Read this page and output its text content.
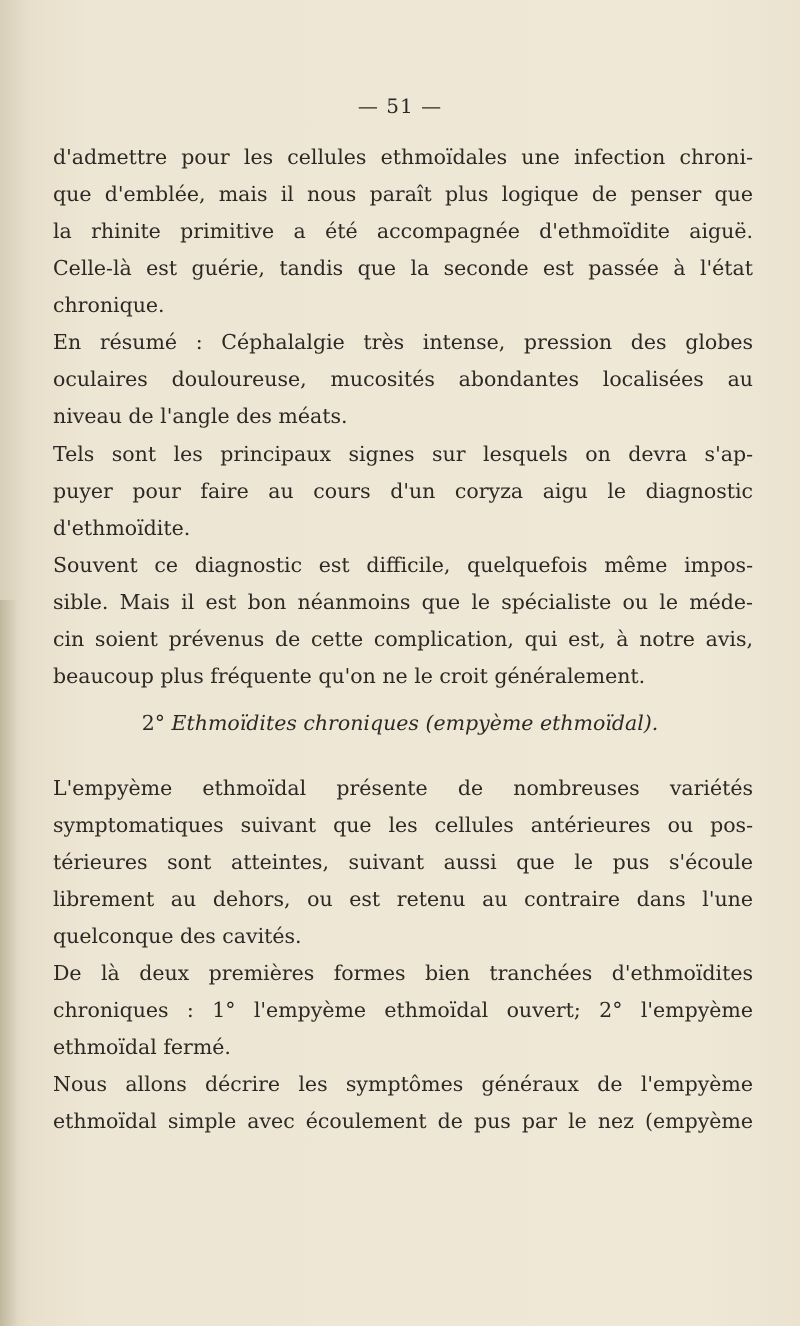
— 51 —
d'admettre pour les cellules ethmoïdales une infection chroni-
que d'emblée, mais il nous paraît plus logique de penser que
la rhinite primitive a été accompagnée d'ethmoïdite aiguë.
Celle-là est guérie, tandis que la seconde est passée à l'état
chronique.
En résumé : Céphalalgie très intense, pression des globes
oculaires douloureuse, mucosités abondantes localisées au
niveau de l'angle des méats.
Tels sont les principaux signes sur lesquels on devra s'ap-
puyer pour faire au cours d'un coryza aigu le diagnostic
d'ethmoïdite.
Souvent ce diagnostic est difficile, quelquefois même impos-
sible. Mais il est bon néanmoins que le spécialiste ou le méde-
cin soient prévenus de cette complication, qui est, à notre avis,
beaucoup plus fréquente qu'on ne le croit généralement.
2° Ethmoïdites chroniques (empyème ethmoïdal).
L'empyème ethmoïdal présente de nombreuses variétés
symptomatiques suivant que les cellules antérieures ou pos-
térieures sont atteintes, suivant aussi que le pus s'écoule
librement au dehors, ou est retenu au contraire dans l'une
quelconque des cavités.
De là deux premières formes bien tranchées d'ethmoïdites
chroniques : 1° l'empyème ethmoïdal ouvert; 2° l'empyème
ethmoïdal fermé.
Nous allons décrire les symptômes généraux de l'empyème
ethmoïdal simple avec écoulement de pus par le nez (empyème
